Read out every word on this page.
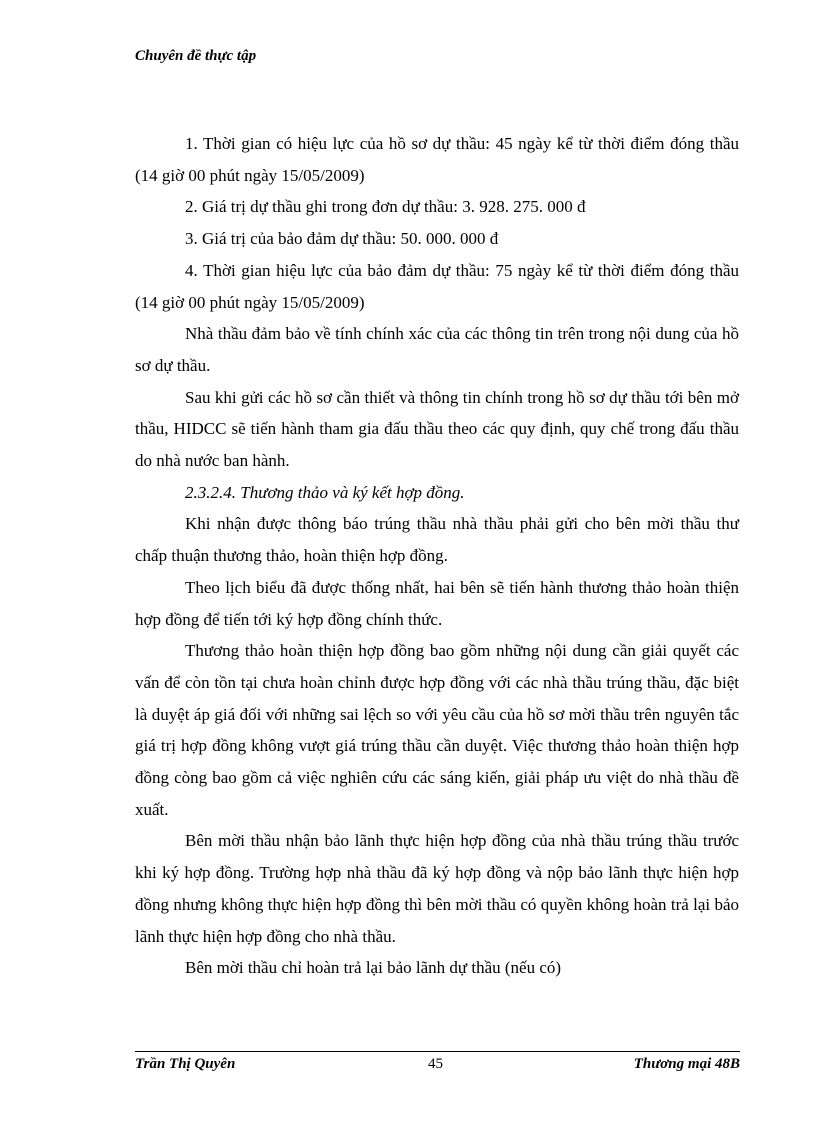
Chuyên đề thực tập

1. Thời gian có hiệu lực của hồ sơ dự thầu: 45 ngày kể từ thời điểm đóng thầu (14 giờ 00 phút ngày 15/05/2009)

2. Giá trị dự thầu ghi trong đơn dự thầu: 3. 928. 275. 000 đ

3. Giá trị của bảo đảm dự thầu: 50. 000. 000 đ

4. Thời gian hiệu lực của bảo đảm dự thầu: 75 ngày kể từ thời điểm đóng thầu (14 giờ 00 phút ngày 15/05/2009)

Nhà thầu đảm bảo về tính chính xác của các thông tin trên trong nội dung của hồ sơ dự thầu.

Sau khi gửi các hồ sơ cần thiết và thông tin chính trong hồ sơ dự thầu tới bên mở thầu, HIDCC sẽ tiến hành tham gia đấu thầu theo các quy định, quy chế trong đấu thầu do nhà nước ban hành.

2.3.2.4. Thương thảo và ký kết hợp đồng.

Khi nhận được thông báo trúng thầu nhà thầu phải gửi cho bên mời thầu thư chấp thuận thương thảo, hoàn thiện hợp đồng.

Theo lịch biểu đã được thống nhất, hai bên sẽ tiến hành thương thảo hoàn thiện hợp đồng để tiến tới ký hợp đồng chính thức.

Thương thảo hoàn thiện hợp đồng bao gồm những nội dung cần giải quyết các vấn để còn tồn tại chưa hoàn chỉnh được hợp đồng với các nhà thầu trúng thầu, đặc biệt là duyệt áp giá đối với những sai lệch so với yêu cầu của hồ sơ mời thầu trên nguyên tắc giá trị hợp đồng không vượt giá trúng thầu cần duyệt. Việc thương thảo hoàn thiện hợp đồng còng bao gồm cả việc nghiên cứu các sáng kiến, giải pháp ưu việt do nhà thầu đề xuất.

Bên mời thầu nhận bảo lãnh thực hiện hợp đồng của nhà thầu trúng thầu trước khi ký hợp đồng. Trường hợp nhà thầu đã ký hợp đồng và nộp bảo lãnh thực hiện hợp đồng nhưng không thực hiện hợp đồng thì bên mời thầu có quyền không hoàn trả lại bảo lãnh thực hiện hợp đồng cho nhà thầu.

Bên mời thầu chỉ hoàn trả lại bảo lãnh dự thầu (nếu có)

Trần Thị Quyên	45	Thương mại 48B
